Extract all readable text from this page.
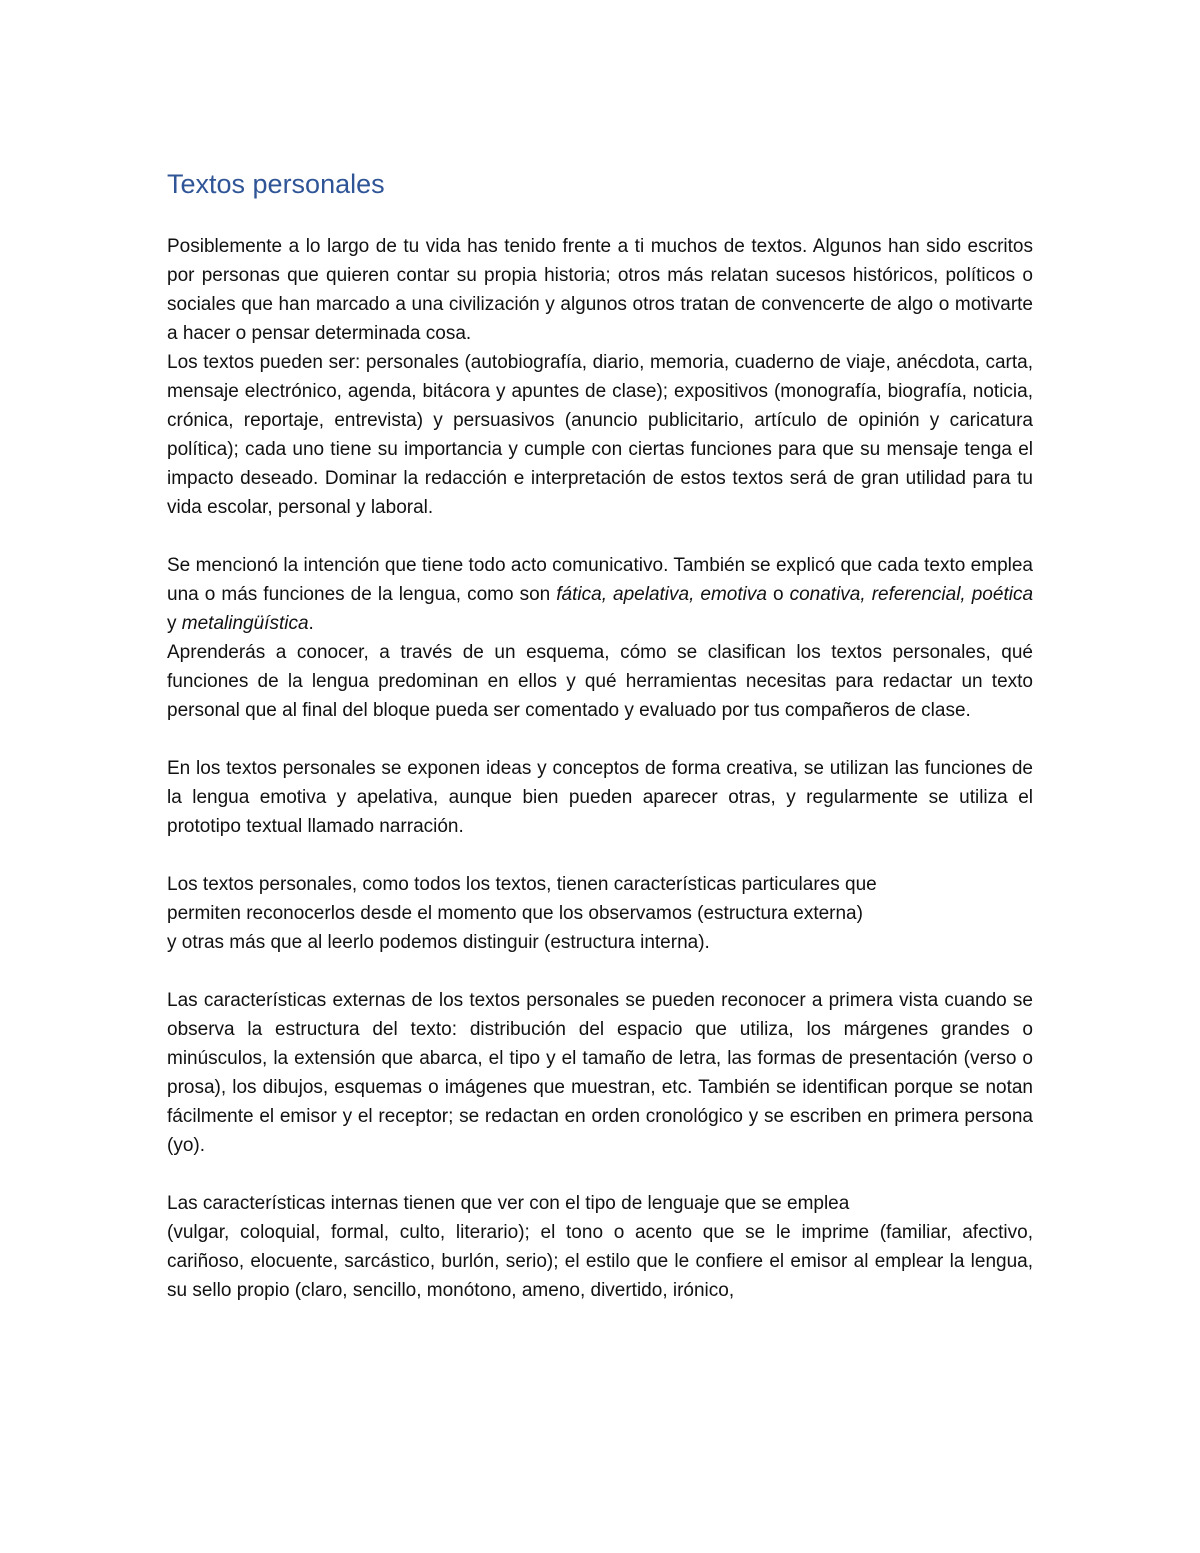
Textos personales

Posiblemente a lo largo de tu vida has tenido frente a ti muchos de textos. Algunos han sido escritos por personas que quieren contar su propia historia; otros más relatan sucesos históricos, políticos o sociales que han marcado a una civilización y algunos otros tratan de convencerte de algo o motivarte a hacer o pensar determinada cosa.

Los textos pueden ser: personales (autobiografía, diario, memoria, cuaderno de viaje, anécdota, carta, mensaje electrónico, agenda, bitácora y apuntes de clase); expositivos (monografía, biografía, noticia, crónica, reportaje, entrevista) y persuasivos (anuncio publicitario, artículo de opinión y caricatura política); cada uno tiene su importancia y cumple con ciertas funciones para que su mensaje tenga el impacto deseado. Dominar la redacción e interpretación de estos textos será de gran utilidad para tu vida escolar, personal y laboral.

Se mencionó la intención que tiene todo acto comunicativo. También se explicó que cada texto emplea una o más funciones de la lengua, como son fática, apelativa, emotiva o conativa, referencial, poética y metalingüística.

Aprenderás a conocer, a través de un esquema, cómo se clasifican los textos personales, qué funciones de la lengua predominan en ellos y qué herramientas necesitas para redactar un texto personal que al final del bloque pueda ser comentado y evaluado por tus compañeros de clase.

En los textos personales se exponen ideas y conceptos de forma creativa, se utilizan las funciones de la lengua emotiva y apelativa, aunque bien pueden aparecer otras, y regularmente se utiliza el prototipo textual llamado narración.

Los textos personales, como todos los textos, tienen características particulares que

permiten reconocerlos desde el momento que los observamos (estructura externa)

y otras más que al leerlo podemos distinguir (estructura interna).

Las características externas de los textos personales se pueden reconocer a primera vista cuando se observa la estructura del texto: distribución del espacio que utiliza, los márgenes grandes o minúsculos, la extensión que abarca, el tipo y el tamaño de letra, las formas de presentación (verso o prosa), los dibujos, esquemas o imágenes que muestran, etc. También se identifican porque se notan fácilmente el emisor y el receptor; se redactan en orden cronológico y se escriben en primera persona (yo).

Las características internas tienen que ver con el tipo de lenguaje que se emplea

(vulgar, coloquial, formal, culto, literario); el tono o acento que se le imprime (familiar, afectivo, cariñoso, elocuente, sarcástico, burlón, serio); el estilo que le confiere el emisor al emplear la lengua, su sello propio (claro, sencillo, monótono, ameno, divertido, irónico,
